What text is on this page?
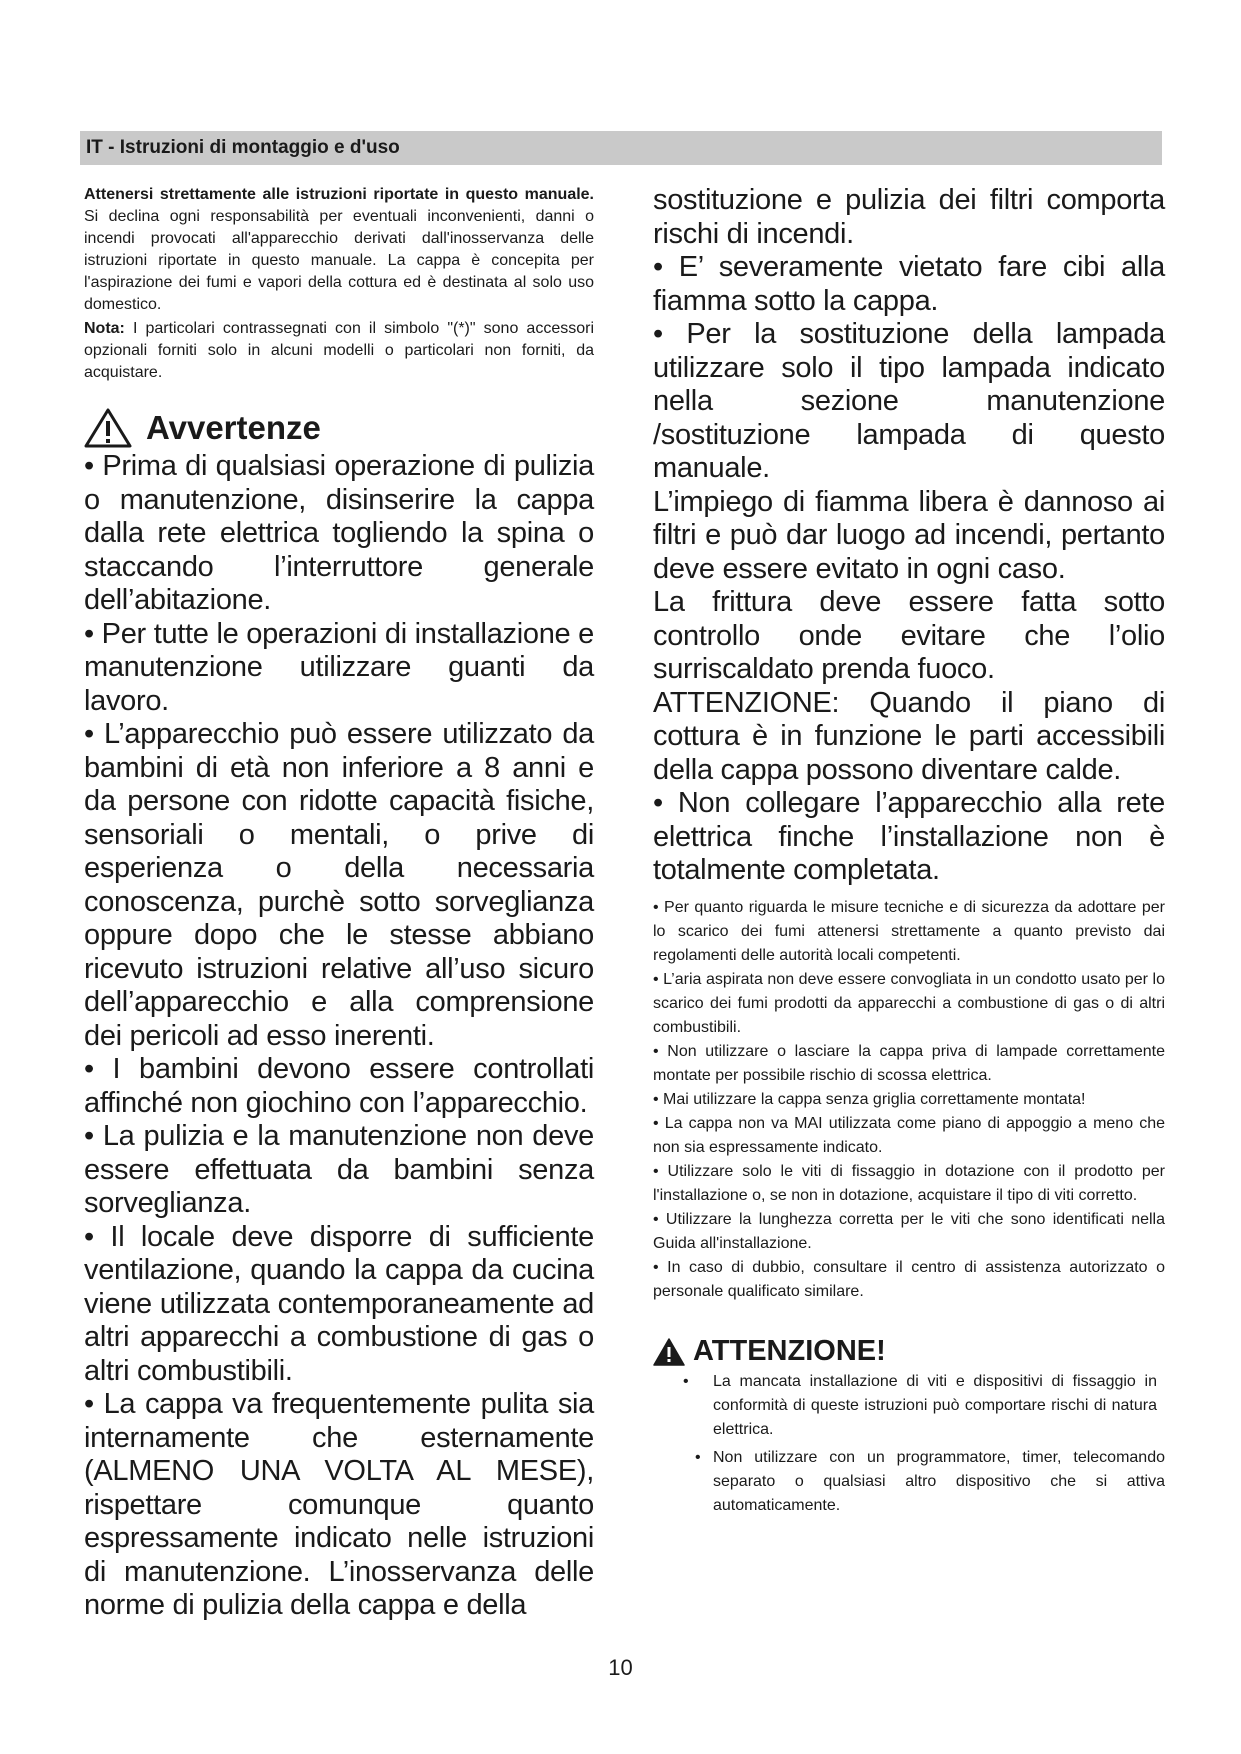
IT - Istruzioni di montaggio e d'uso

Attenersi strettamente alle istruzioni riportate in questo manuale. Si declina ogni responsabilità per eventuali inconvenienti, danni o incendi provocati all'apparecchio derivati dall'inosservanza delle istruzioni riportate in questo manuale. La cappa è concepita per l'aspirazione dei fumi e vapori della cottura ed è destinata al solo uso domestico.

Nota: I particolari contrassegnati con il simbolo "(*)" sono accessori opzionali forniti solo in alcuni modelli o particolari non forniti, da acquistare.

Avvertenze

• Prima di qualsiasi operazione di pulizia o manutenzione, disinserire la cappa dalla rete elettrica togliendo la spina o staccando l’interruttore generale dell’abitazione.

• Per tutte le operazioni di installazione e manutenzione utilizzare guanti da lavoro.

• L’apparecchio può essere utilizzato da bambini di età non inferiore a 8 anni e da persone con ridotte capacità fisiche, sensoriali o mentali, o prive di esperienza o della necessaria conoscenza, purchè sotto sorveglianza oppure dopo che le stesse abbiano ricevuto istruzioni relative all’uso sicuro dell’apparecchio e alla comprensione dei pericoli ad esso inerenti.

• I bambini devono essere controllati affinché non giochino con l’apparecchio.

• La pulizia e la manutenzione non deve essere effettuata da bambini senza sorveglianza.

• Il locale deve disporre di sufficiente ventilazione, quando la cappa da cucina viene utilizzata contemporaneamente ad altri apparecchi a combustione di gas o altri combustibili.

• La cappa va frequentemente pulita sia internamente che esternamente (ALMENO UNA VOLTA AL MESE), rispettare comunque quanto espressamente indicato nelle istruzioni di manutenzione. L’inosservanza delle norme di pulizia della cappa e della

sostituzione e pulizia dei filtri comporta rischi di incendi.

• E’ severamente vietato fare cibi alla fiamma sotto la cappa.

• Per la sostituzione della lampada utilizzare solo il tipo lampada indicato nella sezione manutenzione /sostituzione lampada di questo manuale.

L’impiego di fiamma libera è dannoso ai filtri e può dar luogo ad incendi, pertanto deve essere evitato in ogni caso.

La frittura deve essere fatta sotto controllo onde evitare che l’olio surriscaldato prenda fuoco.

ATTENZIONE: Quando il piano di cottura è in funzione le parti accessibili della cappa possono diventare calde.

• Non collegare l’apparecchio alla rete elettrica finche l’installazione non è totalmente completata.

• Per quanto riguarda le misure tecniche e di sicurezza da adottare per lo scarico dei fumi attenersi strettamente a quanto previsto dai regolamenti delle autorità locali competenti.

• L’aria aspirata non deve essere convogliata in un condotto usato per lo scarico dei fumi prodotti da apparecchi a combustione di gas o di altri combustibili.

• Non utilizzare o lasciare la cappa priva di lampade correttamente montate per possibile rischio di scossa elettrica.

• Mai utilizzare la cappa senza griglia correttamente montata!

• La cappa non va MAI utilizzata come piano di appoggio a meno che non sia espressamente indicato.

• Utilizzare solo le viti di fissaggio in dotazione con il prodotto per l'installazione o, se non in dotazione, acquistare il tipo di viti corretto.

• Utilizzare la lunghezza corretta per le viti che sono identificati nella Guida all'installazione.

• In caso di dubbio, consultare il centro di assistenza autorizzato o personale qualificato similare.

ATTENZIONE!
• La mancata installazione di viti e dispositivi di fissaggio in conformità di queste istruzioni può comportare rischi di natura elettrica.
• Non utilizzare con un programmatore, timer, telecomando separato o qualsiasi altro dispositivo che si attiva automaticamente.
10
